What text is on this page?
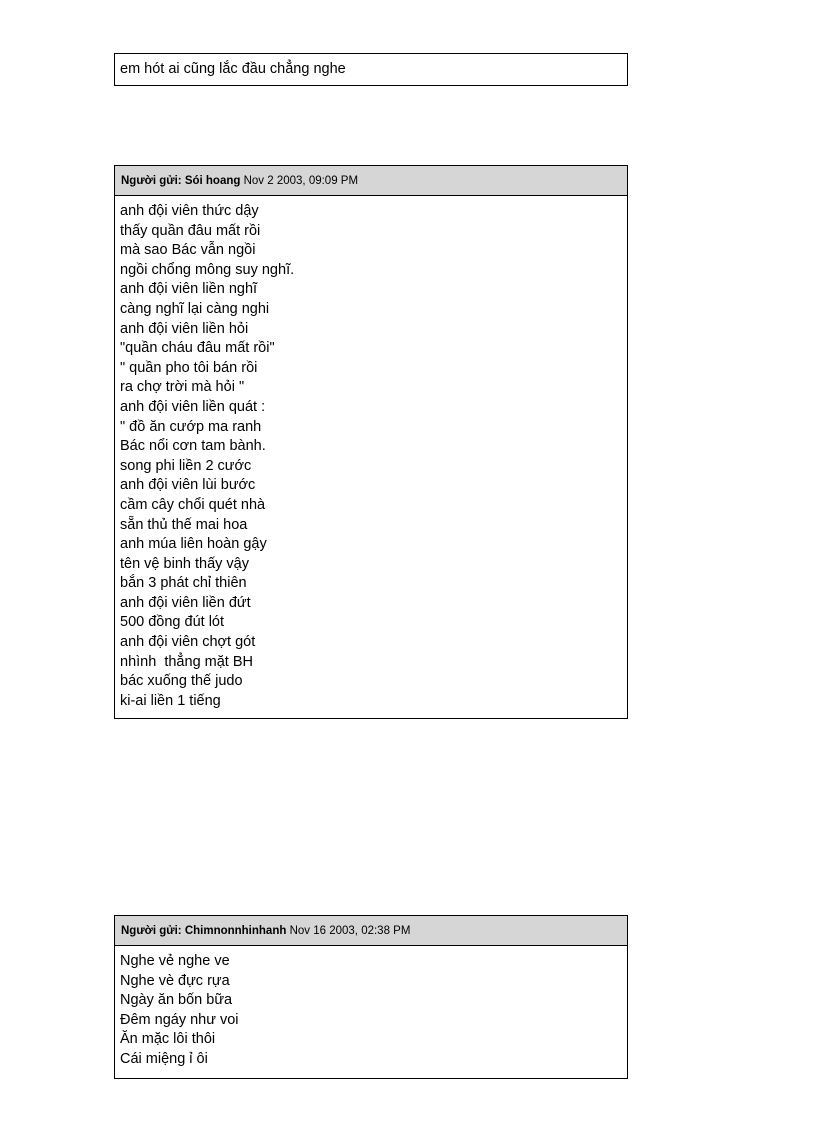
em hót ai cũng lắc đầu chẳng nghe
Người gửi: Sói hoang Nov 2 2003, 09:09 PM
anh đội viên thức dậy
thấy quần đâu mất rồi
mà sao Bác vẫn ngồi
ngồi chổng mông suy nghĩ.
anh đội viên liền nghĩ
càng nghĩ lại càng nghi
anh đội viên liền hỏi
"quần cháu đâu mất rồi"
" quần pho tôi bán rồi
ra chợ trời mà hỏi "
anh đội viên liền quát :
" đồ ăn cướp ma ranh
Bác nổi cơn tam bành.
song phi liền 2 cước
anh đội viên lùi bước
cầm cây chổi quét nhà
sẵn thủ thế mai hoa
anh múa liên hoàn gậy
tên vệ binh thấy vậy
bắn 3 phát chỉ thiên
anh đội viên liền đứt
500 đồng đút lót
anh đội viên chợt gót
nhình  thẳng mặt BH
bác xuống thế judo
ki-ai liền 1 tiếng
Người gửi: Chimnonnhinhanh Nov 16 2003, 02:38 PM
Nghe vẻ nghe ve
Nghe vè đực rựa
Ngày ăn bốn bữa
Đêm ngáy như voi
Ăn mặc lôi thôi
Cái miệng ỉ ôi
